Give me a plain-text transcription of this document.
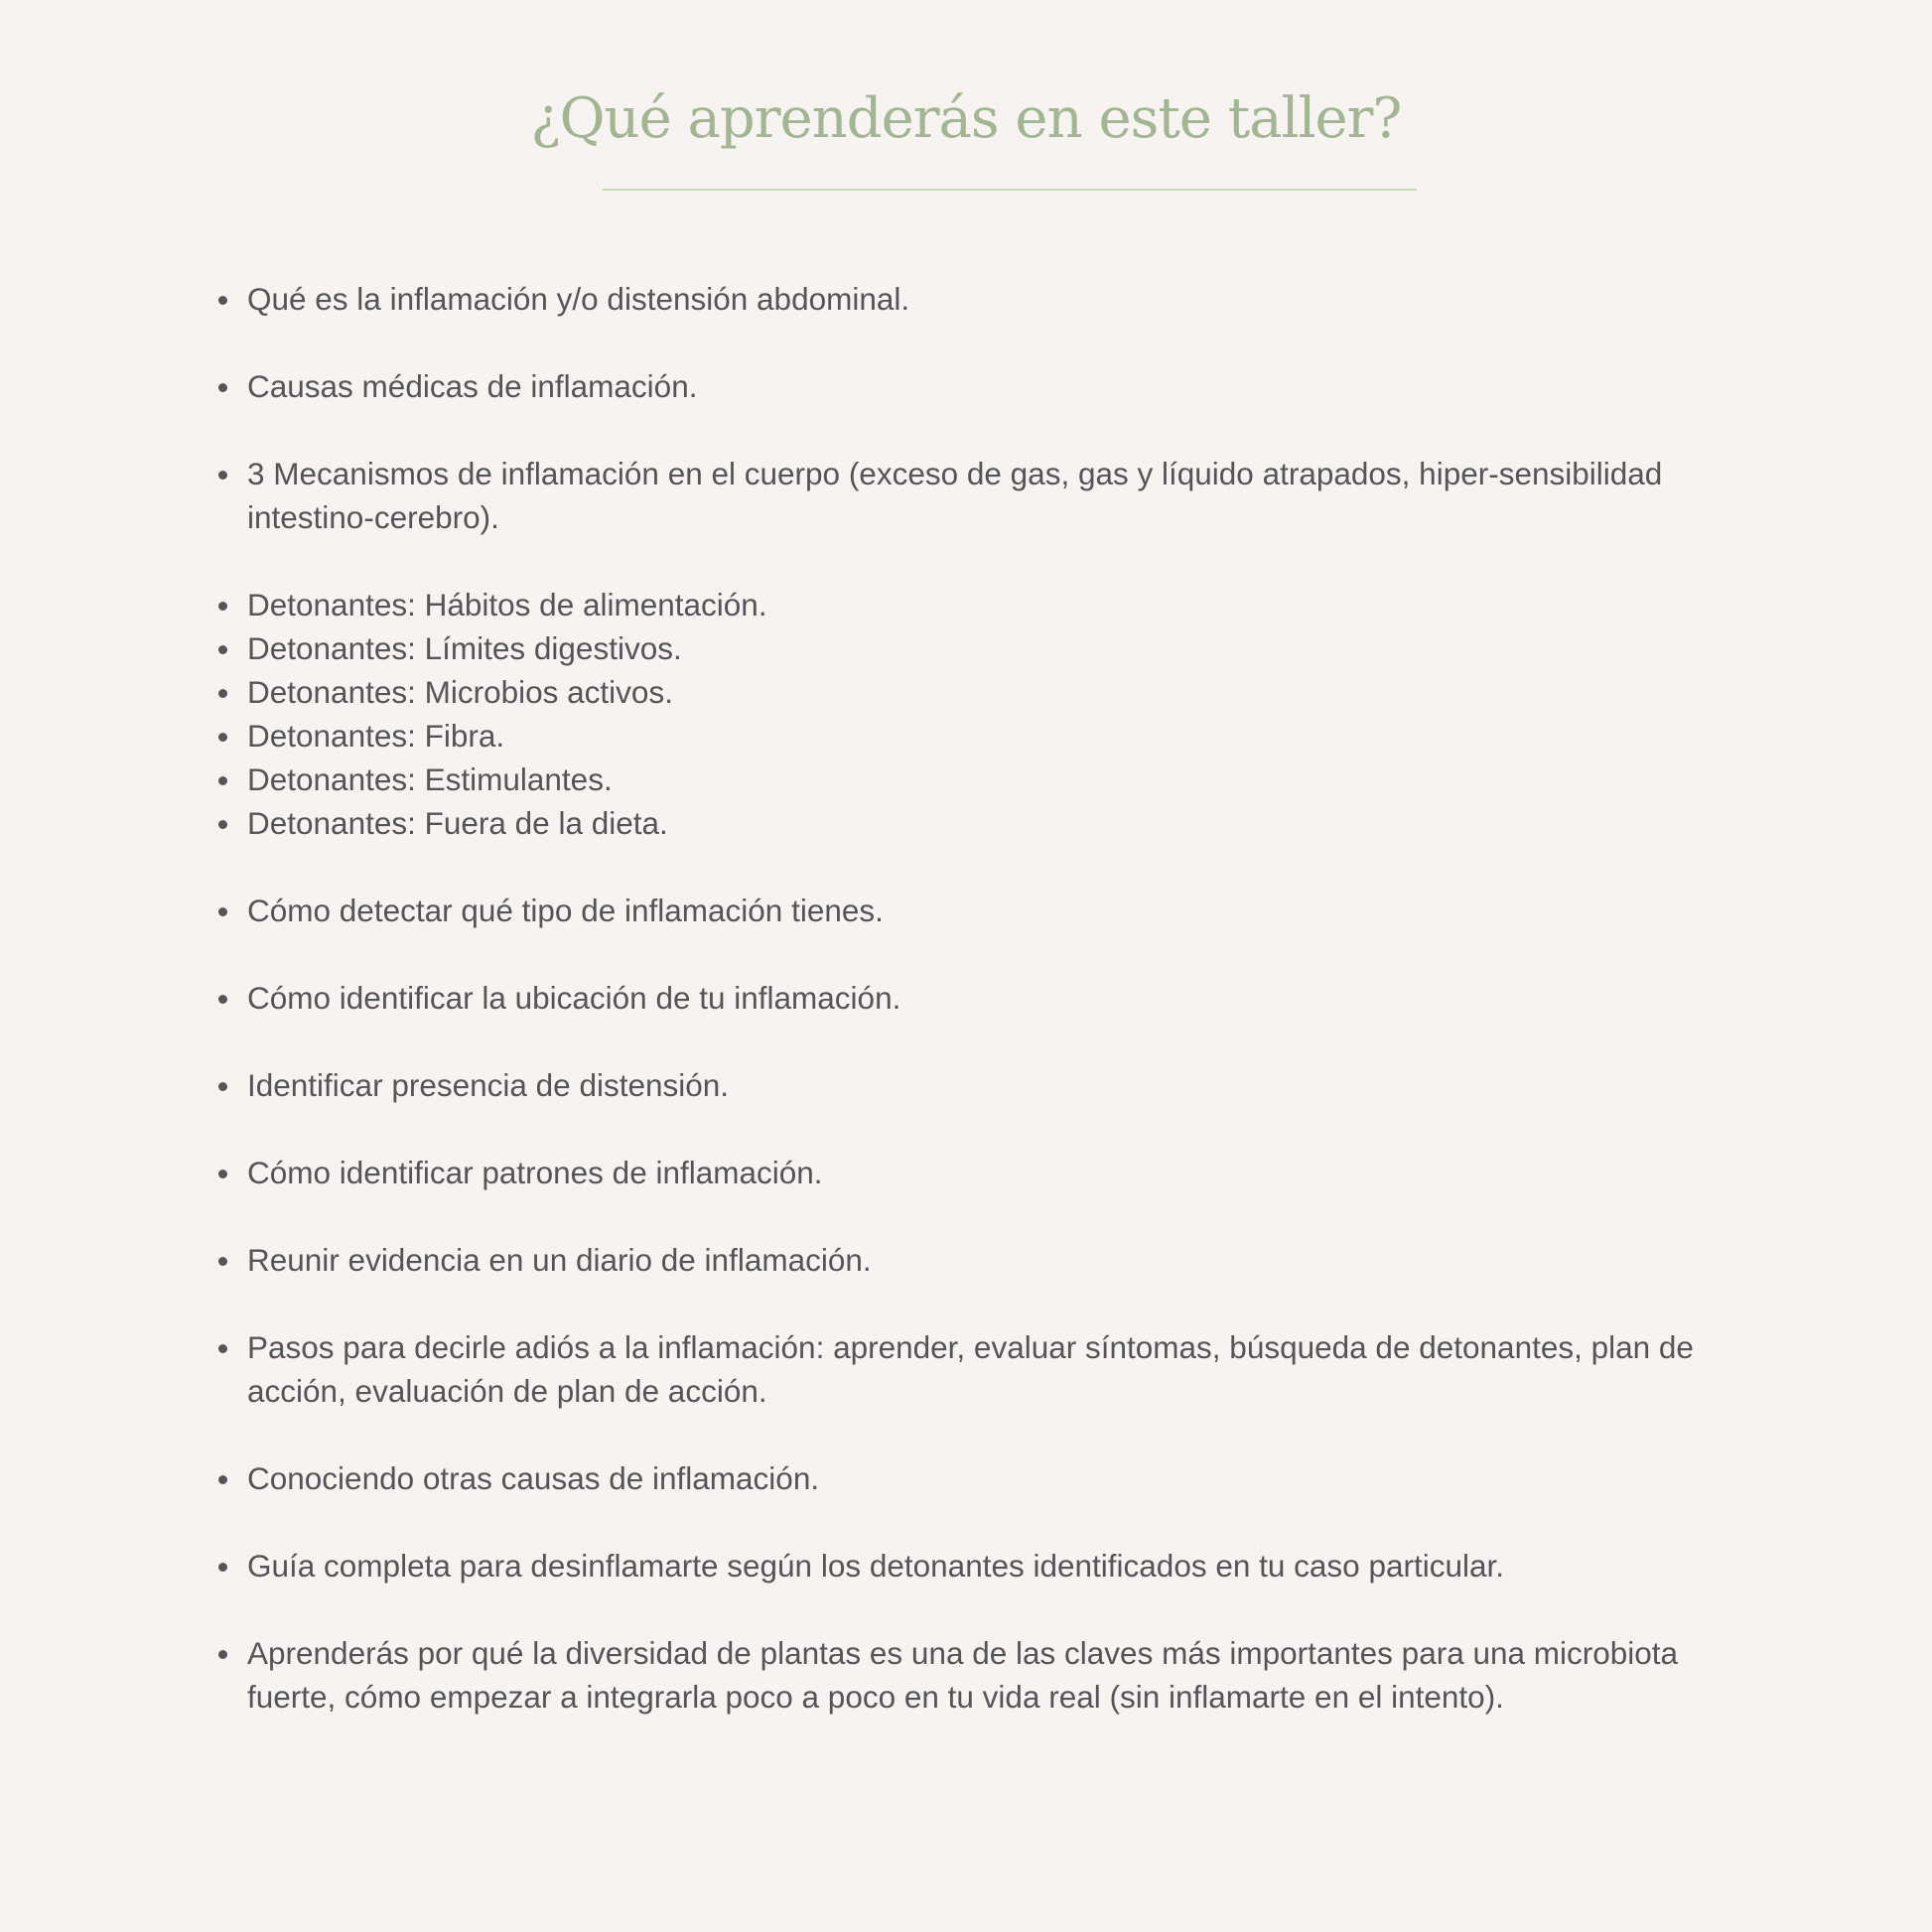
¿Qué aprenderás en este taller?
Qué es la inflamación y/o distensión abdominal.
Causas médicas de inflamación.
3 Mecanismos de inflamación en el cuerpo (exceso de gas, gas y líquido atrapados, hiper-sensibilidad intestino-cerebro).
Detonantes: Hábitos de alimentación.
Detonantes: Límites digestivos.
Detonantes: Microbios activos.
Detonantes: Fibra.
Detonantes: Estimulantes.
Detonantes: Fuera de la dieta.
Cómo detectar qué tipo de inflamación tienes.
Cómo identificar la ubicación de tu inflamación.
Identificar presencia de distensión.
Cómo identificar patrones de inflamación.
Reunir evidencia en un diario de inflamación.
Pasos para decirle adiós a la inflamación: aprender, evaluar síntomas, búsqueda de detonantes, plan de acción, evaluación de plan de acción.
Conociendo otras causas de inflamación.
Guía completa para desinflamarte según los detonantes identificados en tu caso particular.
Aprenderás por qué la diversidad de plantas es una de las claves más importantes para una microbiota fuerte, cómo empezar a integrarla poco a poco en tu vida real (sin inflamarte en el intento).
